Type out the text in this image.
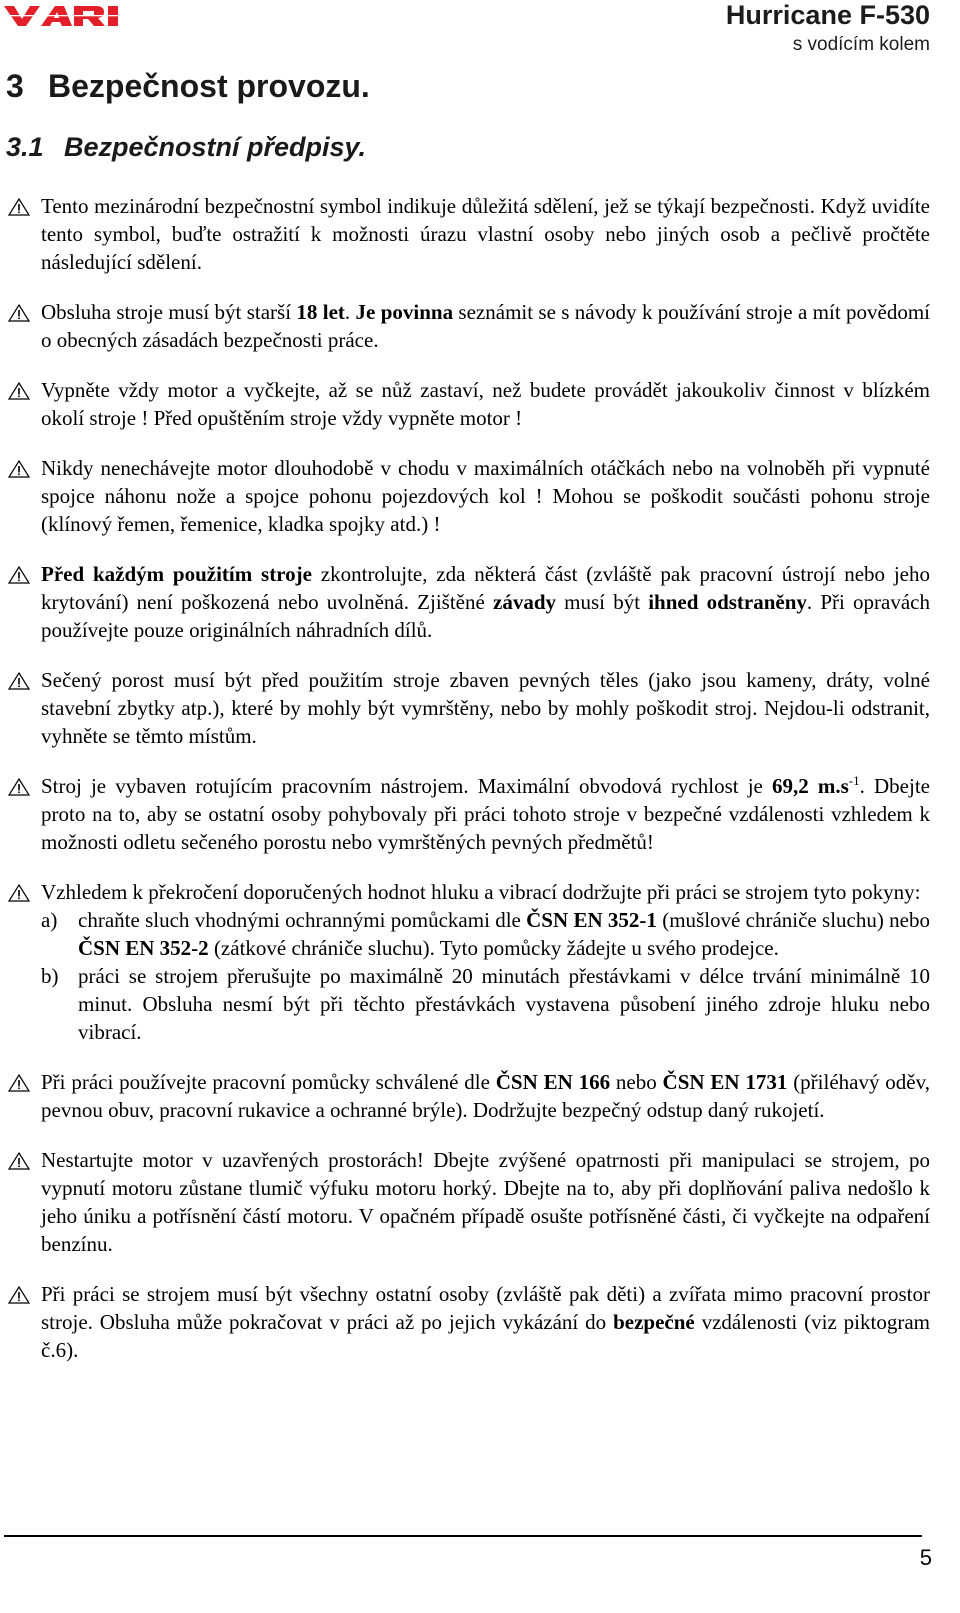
Hurricane F-530
s vodícím kolem
3 Bezpečnost provozu.
3.1 Bezpečnostní předpisy.
Tento mezinárodní bezpečnostní symbol indikuje důležitá sdělení, jež se týkají bezpečnosti. Když uvidíte tento symbol, buďte ostražití k možnosti úrazu vlastní osoby nebo jiných osob a pečlivě pročtěte následující sdělení.
Obsluha stroje musí být starší 18 let. Je povinna seznámit se s návody k používání stroje a mít povědomí o obecných zásadách bezpečnosti práce.
Vypněte vždy motor a vyčkejte, až se nůž zastaví, než budete provádět jakoukoliv činnost v blízkém okolí stroje ! Před opuštěním stroje vždy vypněte motor !
Nikdy nenechávejte motor dlouhodobě v chodu v maximálních otáčkách nebo na volnoběh při vypnuté spojce náhonu nože a spojce pohonu pojezdových kol ! Mohou se poškodit součásti pohonu stroje (klínový řemen, řemenice, kladka spojky atd.) !
Před každým použitím stroje zkontrolujte, zda některá část (zvláště pak pracovní ústrojí nebo jeho krytování) není poškozená nebo uvolněná. Zjištěné závady musí být ihned odstraněny. Při opravách používejte pouze originálních náhradních dílů.
Sečený porost musí být před použitím stroje zbaven pevných těles (jako jsou kameny, dráty, volné stavební zbytky atp.), které by mohly být vymrštěny, nebo by mohly poškodit stroj. Nejdou-li odstranit, vyhněte se těmto místům.
Stroj je vybaven rotujícím pracovním nástrojem. Maximální obvodová rychlost je 69,2 $m.s^{-1}$. Dbejte proto na to, aby se ostatní osoby pohybovaly při práci tohoto stroje v bezpečné vzdálenosti vzhledem k možnosti odletu sečeného porostu nebo vymrštěných pevných předmětů!
Vzhledem k překročení doporučených hodnot hluku a vibrací dodržujte při práci se strojem tyto pokyny:
a) chraňte sluch vhodnými ochrannými pomůckami dle ČSN EN 352-1 (mušlové chrániče sluchu) nebo ČSN EN 352-2 (zátkové chrániče sluchu). Tyto pomůcky žádejte u svého prodejce.
b) práci se strojem přerušujte po maximálně 20 minutách přestávkami v délce trvání minimálně 10 minut. Obsluha nesmí být při těchto přestávkách vystavena působení jiného zdroje hluku nebo vibrací.
Při práci používejte pracovní pomůcky schválené dle ČSN EN 166 nebo ČSN EN 1731 (přiléhavý oděv, pevnou obuv, pracovní rukavice a ochranné brýle). Dodržujte bezpečný odstup daný rukojetí.
Nestartujte motor v uzavřených prostorách! Dbejte zvýšené opatrnosti při manipulaci se strojem, po vypnutí motoru zůstane tlumič výfuku motoru horký. Dbejte na to, aby při doplňování paliva nedošlo k jeho úniku a potřísnění částí motoru. V opačném případě osušte potřísněné části, či vyčkejte na odpaření benzínu.
Při práci se strojem musí být všechny ostatní osoby (zvláště pak děti) a zvířata mimo pracovní prostor stroje. Obsluha může pokračovat v práci až po jejich vykázání do bezpečné vzdálenosti (viz piktogram č.6).
5
